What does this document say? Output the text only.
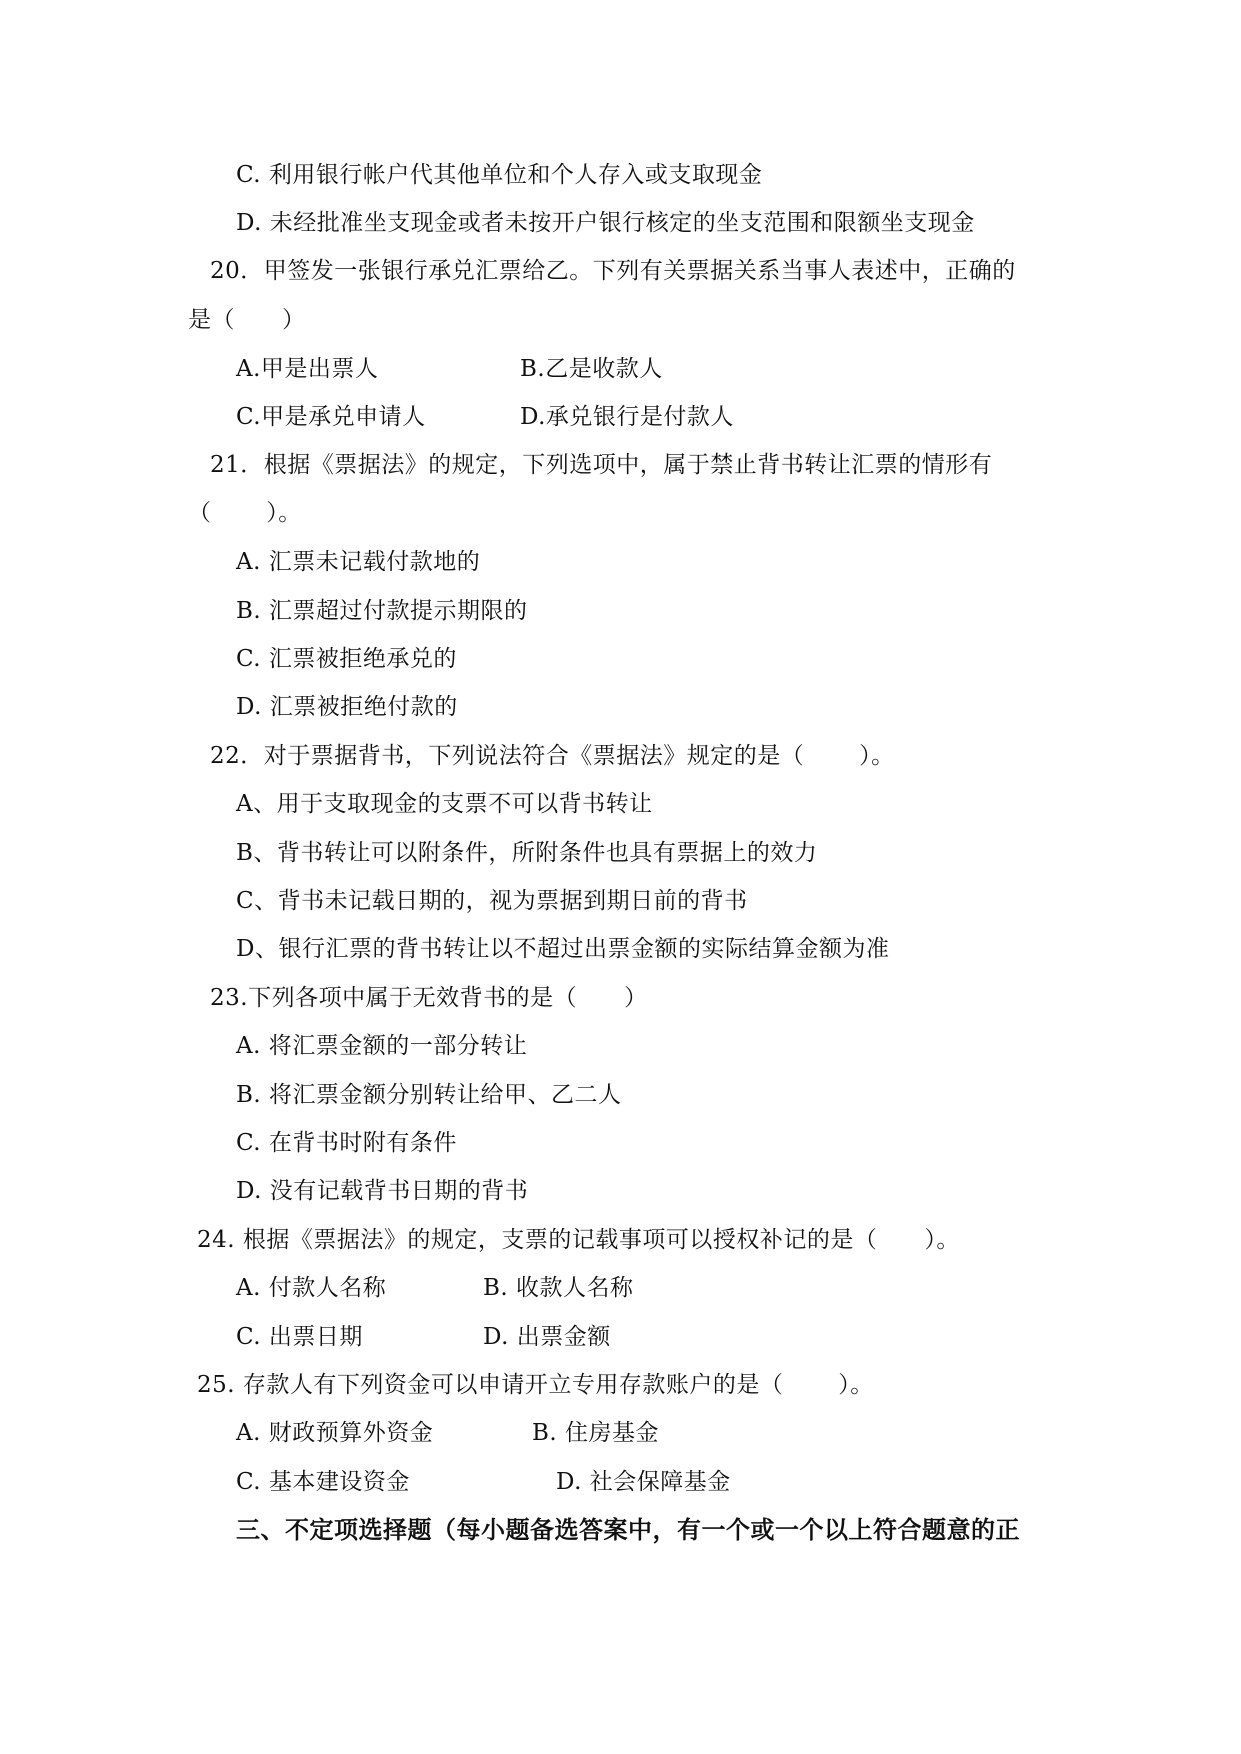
C. 利用银行帐户代其他单位和个人存入或支取现金
D. 未经批准坐支现金或者未按开户银行核定的坐支范围和限额坐支现金
20．甲签发一张银行承兑汇票给乙。下列有关票据关系当事人表述中，正确的
是（　　）
A.甲是出票人	B.乙是收款人
C.甲是承兑申请人	D.承兑银行是付款人
21．根据《票据法》的规定，下列选项中，属于禁止背书转让汇票的情形有
（　　 ）。
A. 汇票未记载付款地的
B. 汇票超过付款提示期限的
C. 汇票被拒绝承兑的
D. 汇票被拒绝付款的
22．对于票据背书，下列说法符合《票据法》规定的是（　　 ）。
A、用于支取现金的支票不可以背书转让
B、背书转让可以附条件，所附条件也具有票据上的效力
C、背书未记载日期的，视为票据到期日前的背书
D、银行汇票的背书转让以不超过出票金额的实际结算金额为准
23.下列各项中属于无效背书的是（　　）
A. 将汇票金额的一部分转让
B. 将汇票金额分别转让给甲、乙二人
C. 在背书时附有条件
D. 没有记载背书日期的背书
24. 根据《票据法》的规定，支票的记载事项可以授权补记的是（　　）。
A. 付款人名称	B. 收款人名称
C. 出票日期	D. 出票金额
25. 存款人有下列资金可以申请开立专用存款账户的是（　　 ）。
A. 财政预算外资金	B. 住房基金
C. 基本建设资金	D. 社会保障基金
三、不定项选择题（每小题备选答案中，有一个或一个以上符合题意的正
